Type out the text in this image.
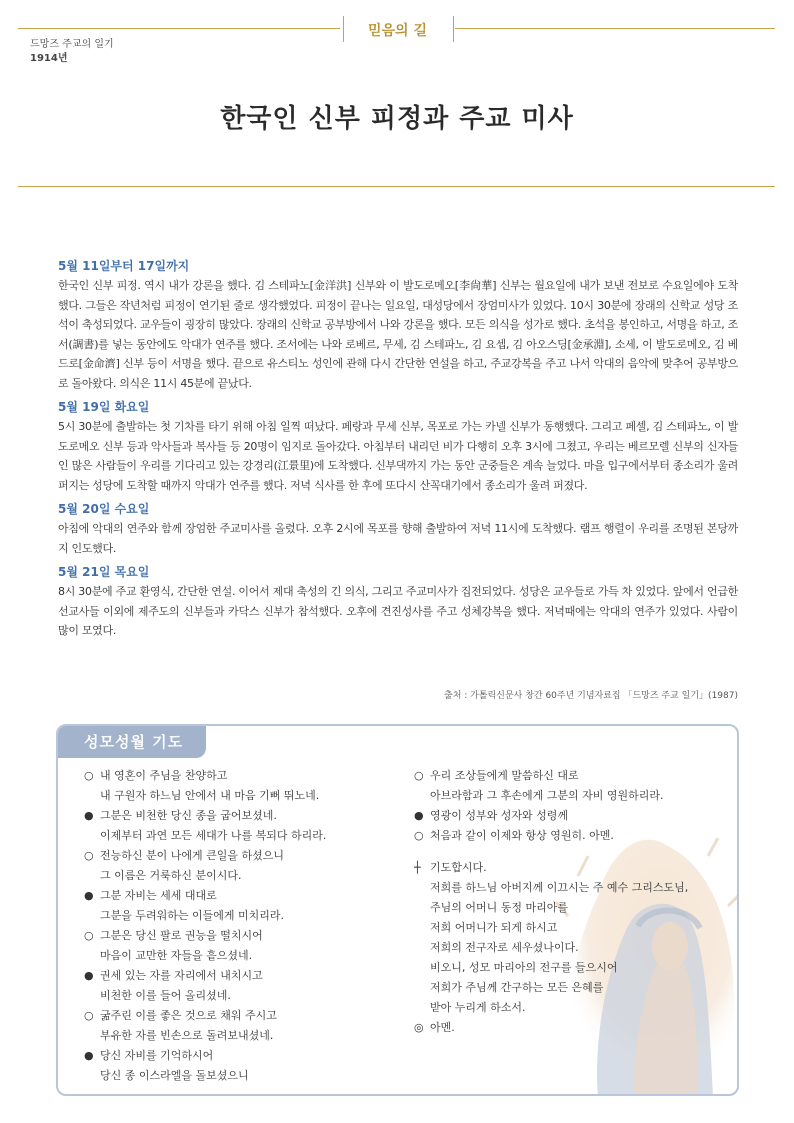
믿음의 길
드망즈 주교의 일기
1914년
한국인 신부 피정과 주교 미사
5월 11일부터 17일까지

한국인 신부 피정. 역시 내가 강론을 했다. 김 스테파노[金洋洪] 신부와 이 발도로메오[李尙華] 신부는 월요일에 내가 보낸 전보로 수요일에야 도착했다. 그들은 작년처럼 피정이 연기된 줄로 생각했었다. 피정이 끝나는 일요일, 대성당에서 장엄미사가 있었다. 10시 30분에 장래의 신학교 성당 조석이 축성되었다. 교우들이 굉장히 많았다. 장래의 신학교 공부방에서 나와 강론을 했다. 모든 의식을 성가로 했다. 초석을 봉인하고, 서명을 하고, 조서(調書)를 넣는 동안에도 악대가 연주를 했다. 조서에는 나와 로베르, 무세, 김 스테파노, 김 요셉, 김 아오스딩[金承淵], 소세, 이 발도로메오, 김 베드로[金命濟] 신부 등이 서명을 했다. 끝으로 유스티노 성인에 관해 다시 간단한 연설을 하고, 주교강복을 주고 나서 악대의 음악에 맞추어 공부방으로 돌아왔다. 의식은 11시 45분에 끝났다.

5월 19일 화요일

5시 30분에 출발하는 첫 기차를 타기 위해 아침 일찍 떠났다. 페랑과 무세 신부, 목포로 가는 카넬 신부가 동행했다. 그리고 페셀, 김 스테파노, 이 발도로메오 신부 등과 악사들과 복사들 등 20명이 임지로 돌아갔다. 아침부터 내리던 비가 다행히 오후 3시에 그쳤고, 우리는 베르모렐 신부의 신자들인 많은 사람들이 우리를 기다리고 있는 강경리(江景里)에 도착했다. 신부댁까지 가는 동안 군중들은 계속 늘었다. 마을 입구에서부터 종소리가 울려 퍼지는 성당에 도착할 때까지 악대가 연주를 했다. 저녁 식사를 한 후에 또다시 산꼭대기에서 종소리가 울려 퍼졌다.

5월 20일 수요일

아침에 악대의 연주와 함께 장엄한 주교미사를 올렸다. 오후 2시에 목포를 향해 출발하여 저녁 11시에 도착했다. 램프 행렬이 우리를 조명된 본당까지 인도했다.

5월 21일 목요일

8시 30분에 주교 환영식, 간단한 연설. 이어서 제대 축성의 긴 의식, 그리고 주교미사가 집전되었다. 성당은 교우들로 가득 차 있었다. 앞에서 언급한 선교사들 이외에 제주도의 신부들과 카닥스 신부가 참석했다. 오후에 견진성사를 주고 성체강복을 했다. 저녁때에는 악대의 연주가 있었다. 사람이 많이 모였다.

출처 : 가톨릭신문사 창간 60주년 기념자료집 「드망즈 주교 일기」(1987)
성모성월 기도
○ 내 영혼이 주님을 찬양하고
내 구원자 하느님 안에서 내 마음 기뻐 뛰노네.
● 그분은 비천한 당신 종을 굽어보셨네.
이제부터 과연 모든 세대가 나를 복되다 하리라.
○ 전능하신 분이 나에게 큰일을 하셨으니
그 이름은 거룩하신 분이시다.
● 그분 자비는 세세 대대로
그분을 두려워하는 이들에게 미치리라.
○ 그분은 당신 팔로 권능을 떨치시어
마음이 교만한 자들을 흩으셨네.
● 권세 있는 자를 자리에서 내치시고
비천한 이를 들어 올리셨네.
○ 굶주린 이를 좋은 것으로 채워 주시고
부유한 자를 빈손으로 돌려보내셨네.
● 당신 자비를 기억하시어
당신 종 이스라엘을 돌보셨으니
○ 우리 조상들에게 말씀하신 대로
아브라함과 그 후손에게 그분의 자비 영원하리라.
● 영광이 성부와 성자와 성령께
○ 처음과 같이 이제와 항상 영원히. 아멘.
┼ 기도합시다.
저희를 하느님 아버지께 이끄시는 주 예수 그리스도님,
주님의 어머니 동정 마리아를
저희 어머니가 되게 하시고
저희의 전구자로 세우셨나이다.
비오니, 성모 마리아의 전구를 들으시어
저희가 주님께 간구하는 모든 은혜를
받아 누리게 하소서.
◎ 아멘.
